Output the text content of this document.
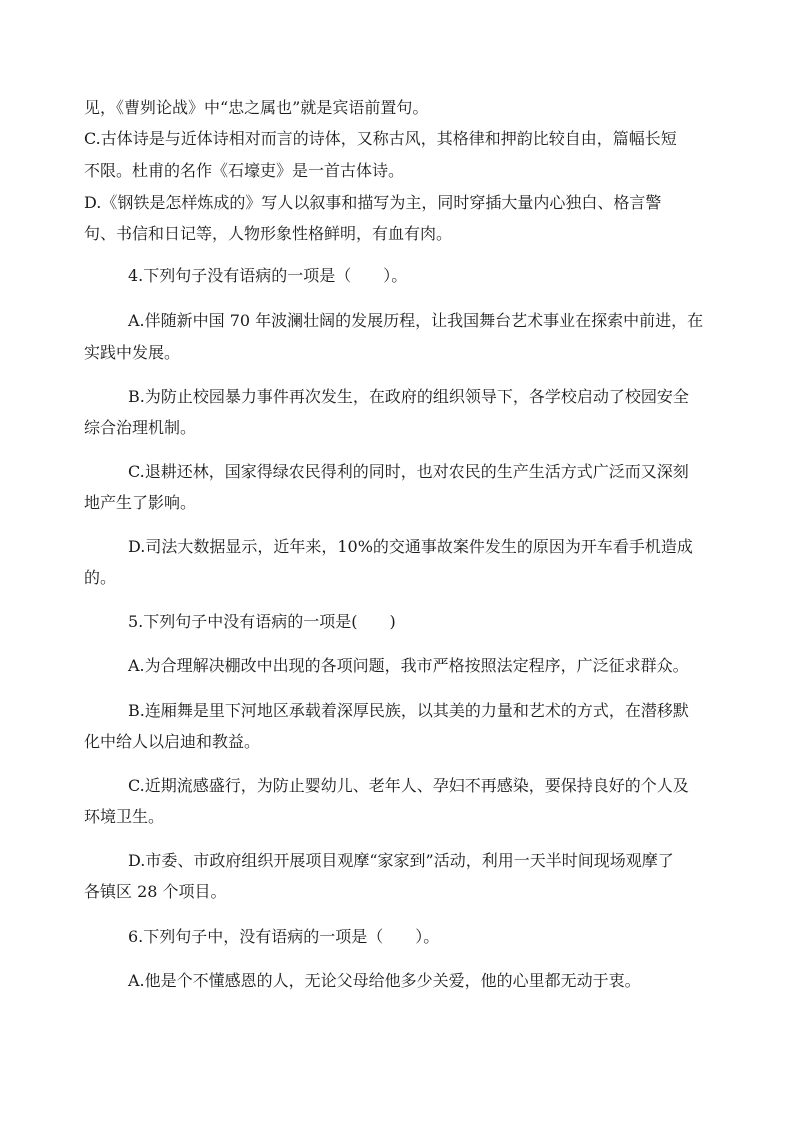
见，《曹刿论战》中“忠之属也”就是宾语前置句。
C.古体诗是与近体诗相对而言的诗体，又称古风，其格律和押韵比较自由，篇幅长短
不限。杜甫的名作《石壕吏》是一首古体诗。
D.《钢铁是怎样炼成的》写人以叙事和描写为主，同时穿插大量内心独白、格言警
句、书信和日记等，人物形象性格鲜明，有血有肉。
4.下列句子没有语病的一项是（　　）。
A.伴随新中国 70 年波澜壮阔的发展历程，让我国舞台艺术事业在探索中前进，在
实践中发展。
B.为防止校园暴力事件再次发生，在政府的组织领导下，各学校启动了校园安全
综合治理机制。
C.退耕还林，国家得绿农民得利的同时，也对农民的生产生活方式广泛而又深刻
地产生了影响。
D.司法大数据显示，近年来，10%的交通事故案件发生的原因为开车看手机造成
的。
5.下列句子中没有语病的一项是(　　)
A.为合理解决棚改中出现的各项问题，我市严格按照法定程序，广泛征求群众。
B.连厢舞是里下河地区承载着深厚民族，以其美的力量和艺术的方式，在潜移默
化中给人以启迪和教益。
C.近期流感盛行，为防止婴幼儿、老年人、孕妇不再感染，要保持良好的个人及
环境卫生。
D.市委、市政府组织开展项目观摩“家家到”活动，利用一天半时间现场观摩了
各镇区 28 个项目。
6.下列句子中，没有语病的一项是（　　）。
A.他是个不懂感恩的人，无论父母给他多少关爱，他的心里都无动于衷。
